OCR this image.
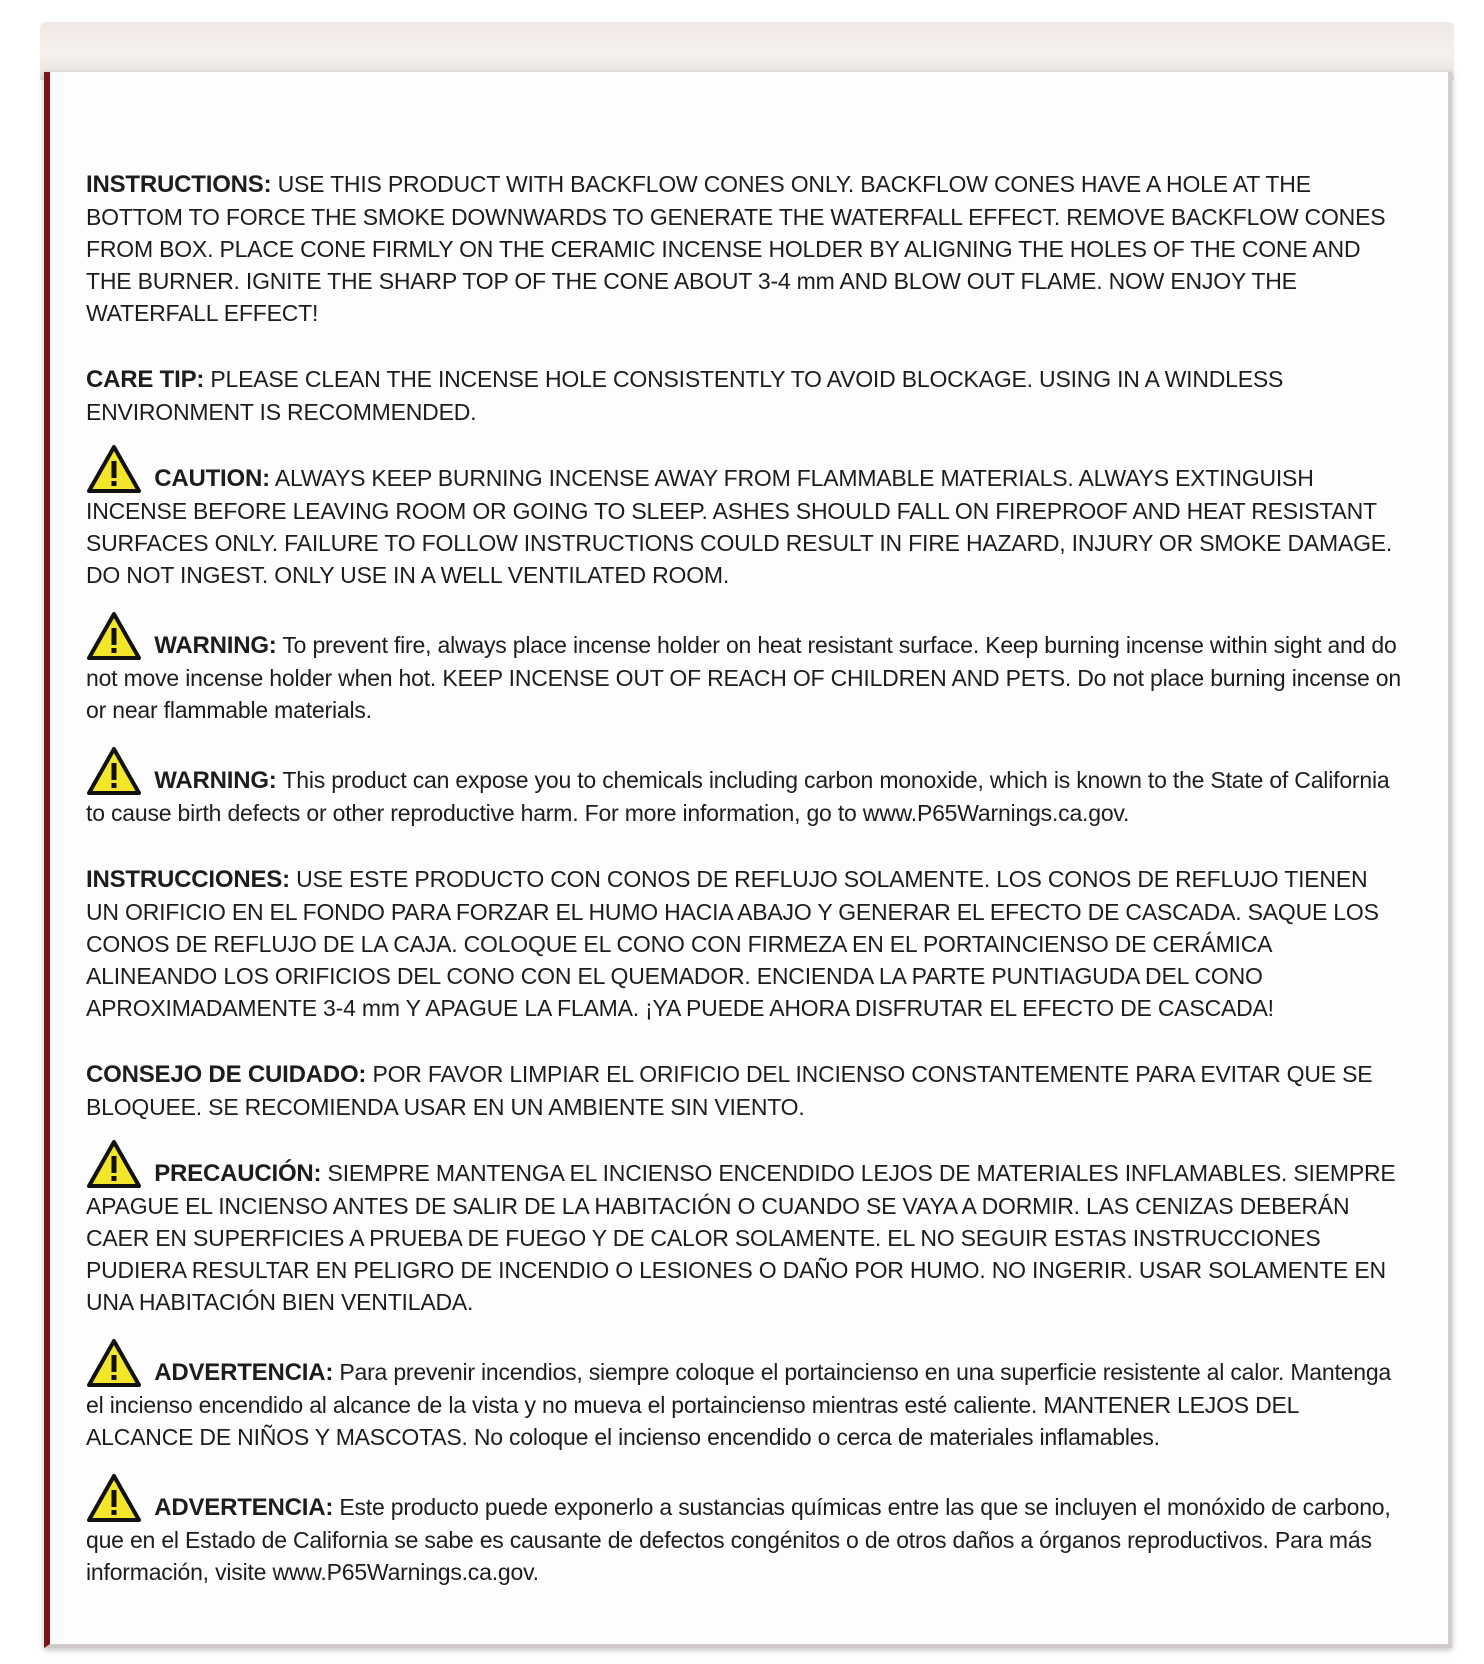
INSTRUCTIONS: USE THIS PRODUCT WITH BACKFLOW CONES ONLY. BACKFLOW CONES HAVE A HOLE AT THE BOTTOM TO FORCE THE SMOKE DOWNWARDS TO GENERATE THE WATERFALL EFFECT. REMOVE BACKFLOW CONES FROM BOX. PLACE CONE FIRMLY ON THE CERAMIC INCENSE HOLDER BY ALIGNING THE HOLES OF THE CONE AND THE BURNER. IGNITE THE SHARP TOP OF THE CONE ABOUT 3-4 mm AND BLOW OUT FLAME. NOW ENJOY THE WATERFALL EFFECT!

CARE TIP: PLEASE CLEAN THE INCENSE HOLE CONSISTENTLY TO AVOID BLOCKAGE. USING IN A WINDLESS ENVIRONMENT IS RECOMMENDED.

CAUTION: ALWAYS KEEP BURNING INCENSE AWAY FROM FLAMMABLE MATERIALS. ALWAYS EXTINGUISH INCENSE BEFORE LEAVING ROOM OR GOING TO SLEEP. ASHES SHOULD FALL ON FIREPROOF AND HEAT RESISTANT SURFACES ONLY. FAILURE TO FOLLOW INSTRUCTIONS COULD RESULT IN FIRE HAZARD, INJURY OR SMOKE DAMAGE. DO NOT INGEST. ONLY USE IN A WELL VENTILATED ROOM.

WARNING: To prevent fire, always place incense holder on heat resistant surface. Keep burning incense within sight and do not move incense holder when hot. KEEP INCENSE OUT OF REACH OF CHILDREN AND PETS. Do not place burning incense on or near flammable materials.

WARNING: This product can expose you to chemicals including carbon monoxide, which is known to the State of California to cause birth defects or other reproductive harm. For more information, go to www.P65Warnings.ca.gov.

INSTRUCCIONES: USE ESTE PRODUCTO CON CONOS DE REFLUJO SOLAMENTE. LOS CONOS DE REFLUJO TIENEN UN ORIFICIO EN EL FONDO PARA FORZAR EL HUMO HACIA ABAJO Y GENERAR EL EFECTO DE CASCADA. SAQUE LOS CONOS DE REFLUJO DE LA CAJA. COLOQUE EL CONO CON FIRMEZA EN EL PORTAINCIENSO DE CERÁMICA ALINEANDO LOS ORIFICIOS DEL CONO CON EL QUEMADOR. ENCIENDA LA PARTE PUNTIAGUDA DEL CONO APROXIMADAMENTE 3-4 mm Y APAGUE LA FLAMA. ¡YA PUEDE AHORA DISFRUTAR EL EFECTO DE CASCADA!

CONSEJO DE CUIDADO: POR FAVOR LIMPIAR EL ORIFICIO DEL INCIENSO CONSTANTEMENTE PARA EVITAR QUE SE BLOQUEE. SE RECOMIENDA USAR EN UN AMBIENTE SIN VIENTO.

PRECAUCIÓN: SIEMPRE MANTENGA EL INCIENSO ENCENDIDO LEJOS DE MATERIALES INFLAMABLES. SIEMPRE APAGUE EL INCIENSO ANTES DE SALIR DE LA HABITACIÓN O CUANDO SE VAYA A DORMIR. LAS CENIZAS DEBERÁN CAER EN SUPERFICIES A PRUEBA DE FUEGO Y DE CALOR SOLAMENTE. EL NO SEGUIR ESTAS INSTRUCCIONES PUDIERA RESULTAR EN PELIGRO DE INCENDIO O LESIONES O DAÑO POR HUMO. NO INGERIR. USAR SOLAMENTE EN UNA HABITACIÓN BIEN VENTILADA.

ADVERTENCIA: Para prevenir incendios, siempre coloque el portaincienso en una superficie resistente al calor. Mantenga el incienso encendido al alcance de la vista y no mueva el portaincienso mientras esté caliente. MANTENER LEJOS DEL ALCANCE DE NIÑOS Y MASCOTAS. No coloque el incienso encendido o cerca de materiales inflamables.

ADVERTENCIA: Este producto puede exponerlo a sustancias químicas entre las que se incluyen el monóxido de carbono, que en el Estado de California se sabe es causante de defectos congénitos o de otros daños a órganos reproductivos. Para más información, visite www.P65Warnings.ca.gov.
